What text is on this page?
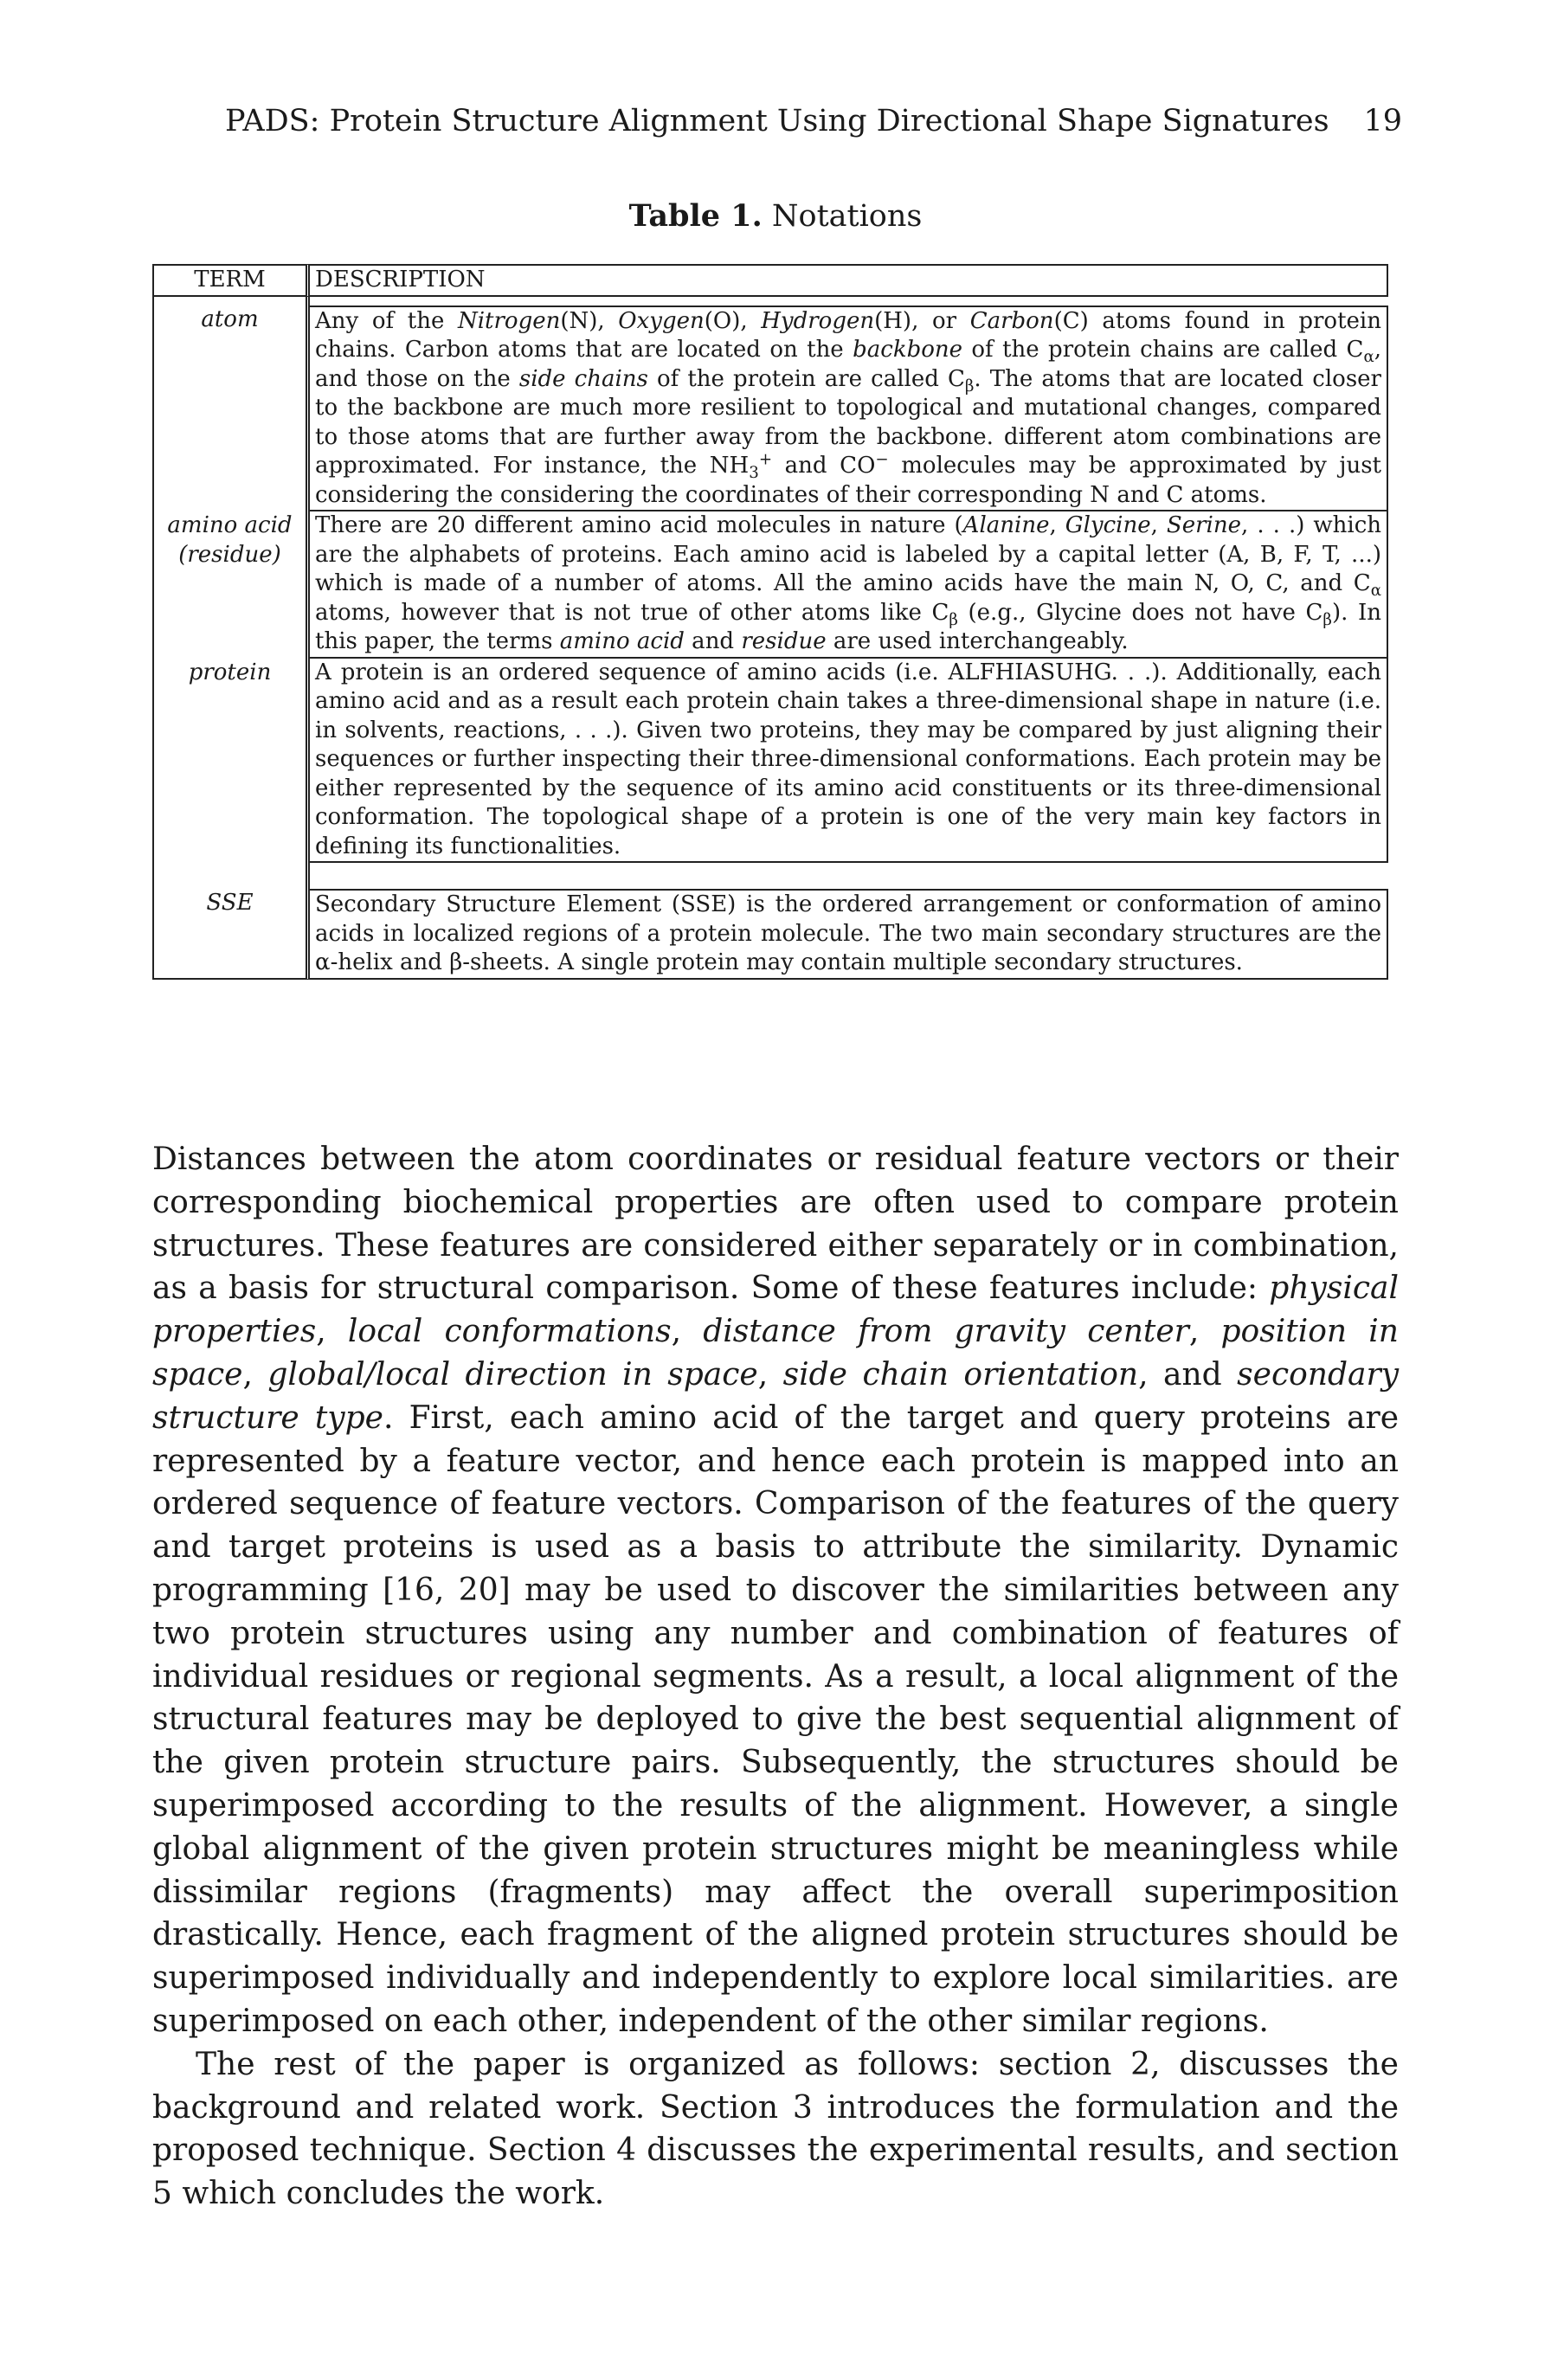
PADS: Protein Structure Alignment Using Directional Shape Signatures 19
Table 1. Notations
TERM	DESCRIPTION

atom	Any of the Nitrogen(N), Oxygen(O), Hydrogen(H), or Carbon(C) atoms found in protein chains. Carbon atoms that are located on the backbone of the protein chains are called $C_\alpha$, and those on the side chains of the protein are called $C_\beta$. The atoms that are located closer to the backbone are much more resilient to topological and mutational changes, compared to those atoms that are further away from the backbone. different atom combinations are approximated. For instance, the $NH_3^+$ and CO− molecules may be approximated by just considering the considering the coordinates of their corresponding N and C atoms.
amino acid
(residue)	There are 20 different amino acid molecules in nature (Alanine, Glycine, Serine, . . .) which are the alphabets of proteins. Each amino acid is labeled by a capital letter (A, B, F, T, ...) which is made of a number of atoms. All the amino acids have the main N, O, C, and $C_\alpha$ atoms, however that is not true of other atoms like $C_\beta$ (e.g., Glycine does not have $C_\beta$). In this paper, the terms amino acid and residue are used interchangeably.
protein	A protein is an ordered sequence of amino acids (i.e. ALFHIASUHG. . .). Additionally, each amino acid and as a result each protein chain takes a three-dimensional shape in nature (i.e. in solvents, reactions, . . .). Given two proteins, they may be compared by just aligning their sequences or further inspecting their three-dimensional conformations. Each protein may be either represented by the sequence of its amino acid constituents or its three-dimensional conformation. The topological shape of a protein is one of the very main key factors in defining its functionalities.

SSE	Secondary Structure Element (SSE) is the ordered arrangement or conformation of amino acids in localized regions of a protein molecule. The two main secondary structures are the α-helix and β-sheets. A single protein may contain multiple secondary structures.

Distances between the atom coordinates or residual feature vectors or their corresponding biochemical properties are often used to compare protein structures. These features are considered either separately or in combination, as a basis for structural comparison. Some of these features include: physical properties, local conformations, distance from gravity center, position in space, global/local direction in space, side chain orientation, and secondary structure type. First, each amino acid of the target and query proteins are represented by a feature vector, and hence each protein is mapped into an ordered sequence of feature vectors. Comparison of the features of the query and target proteins is used as a basis to attribute the similarity. Dynamic programming [16, 20] may be used to discover the similarities between any two protein structures using any number and combination of features of individual residues or regional segments. As a result, a local alignment of the structural features may be deployed to give the best sequential alignment of the given protein structure pairs. Subsequently, the structures should be superimposed according to the results of the alignment. However, a single global alignment of the given protein structures might be meaningless while dissimilar regions (fragments) may affect the overall superimposition drastically. Hence, each fragment of the aligned protein structures should be superimposed individually and independently to explore local similarities. are superimposed on each other, independent of the other similar regions.

The rest of the paper is organized as follows: section 2, discusses the background and related work. Section 3 introduces the formulation and the proposed technique. Section 4 discusses the experimental results, and section 5 which concludes the work.
